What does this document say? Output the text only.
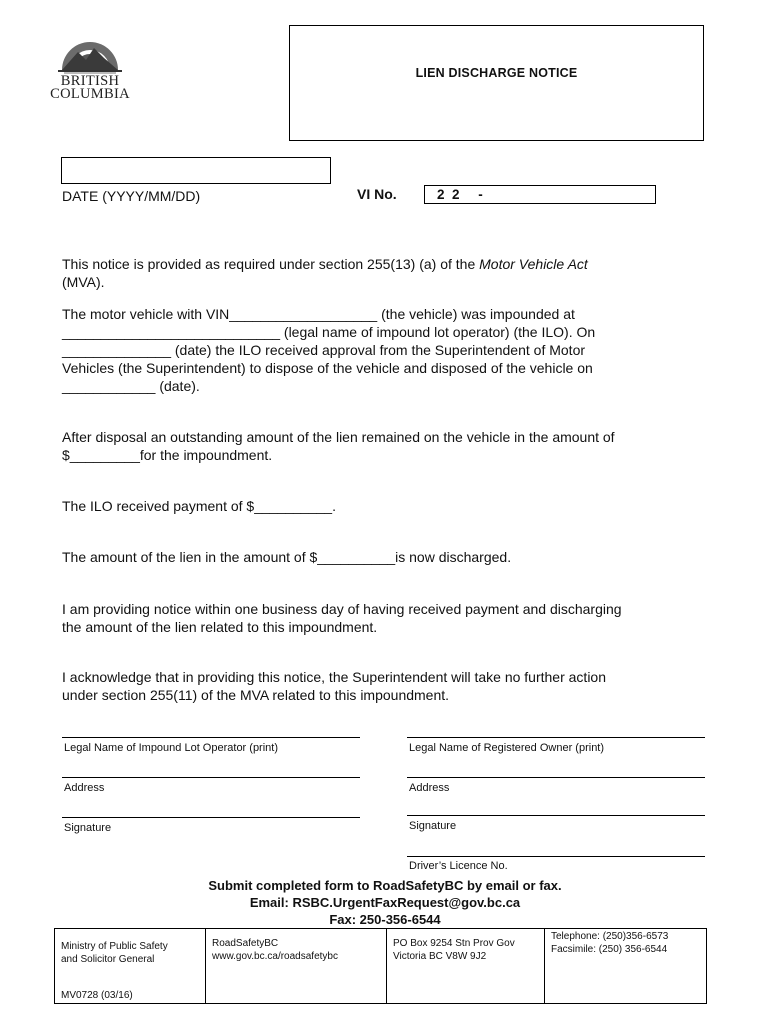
BRITISH
COLUMBIA
LIEN DISCHARGE NOTICE
DATE (YYYY/MM/DD)	VI No.	2  2     -
This notice is provided as required under section 255(13) (a) of the Motor Vehicle Act
(MVA).
The motor vehicle with VIN___________________ (the vehicle) was impounded at
____________________________ (legal name of impound lot operator) (the ILO). On
______________ (date) the ILO received approval from the Superintendent of Motor
Vehicles (the Superintendent) to dispose of the vehicle and disposed of the vehicle on
____________ (date).
After disposal an outstanding amount of the lien remained on the vehicle in the amount of
$_________for the impoundment.
The ILO received payment of $__________.
The amount of the lien in the amount of $__________is now discharged.
I am providing notice within one business day of having received payment and discharging
the amount of the lien related to this impoundment.
I acknowledge that in providing this notice, the Superintendent will take no further action
under section 255(11) of the MVA related to this impoundment.
Legal Name of Impound Lot Operator (print)
Address
Signature
Legal Name of Registered Owner (print)
Address
Signature
Driver’s Licence No.
Submit completed form to RoadSafetyBC by email or fax.
Email: RSBC.UrgentFaxRequest@gov.bc.ca
Fax: 250-356-6544
Ministry of Public Safety
and Solicitor General
MV0728 (03/16)

RoadSafetyBC
www.gov.bc.ca/roadsafetybc

PO Box 9254 Stn Prov Gov
Victoria BC V8W 9J2

Telephone: (250)356-6573
Facsimile: (250) 356-6544
